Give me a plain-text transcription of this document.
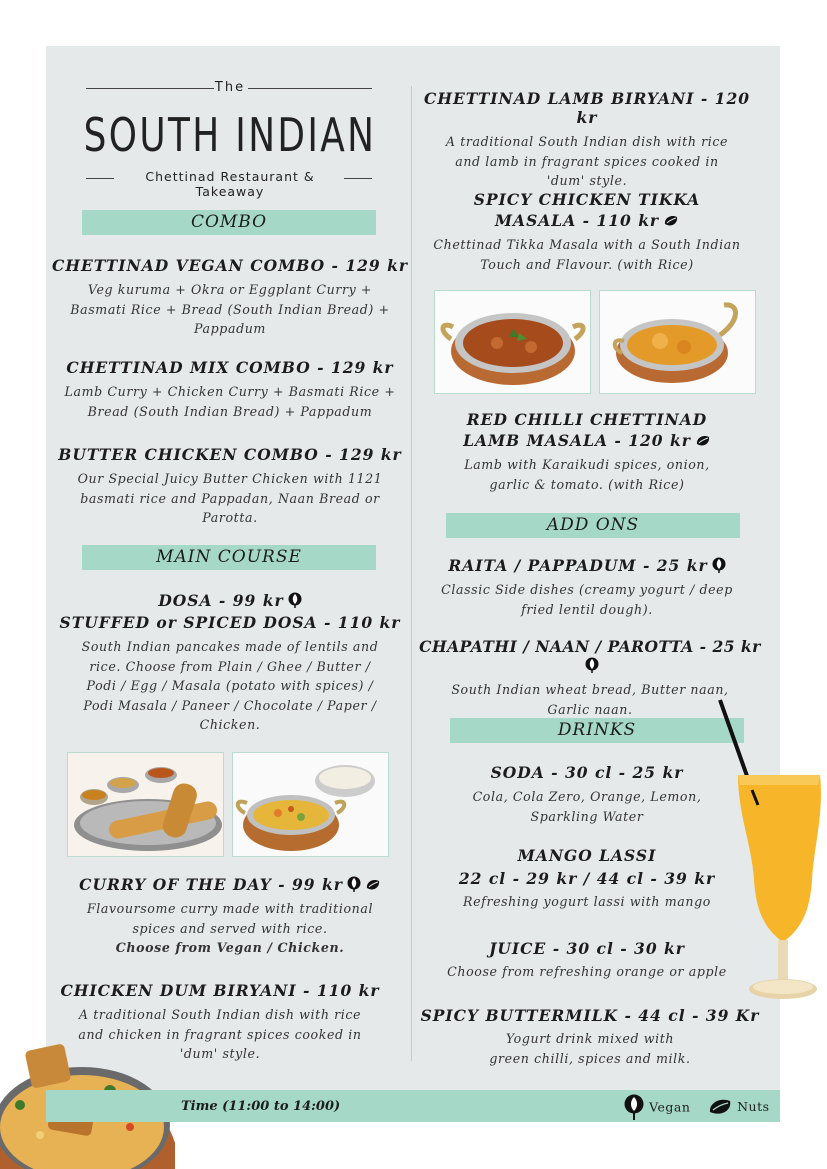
The
SOUTH INDIAN
Chettinad Restaurant & Takeaway
COMBO
CHETTINAD VEGAN COMBO - 129 kr
Veg kuruma + Okra or Eggplant Curry +
Basmati Rice + Bread (South Indian Bread) +
Pappadum
CHETTINAD MIX COMBO - 129 kr
Lamb Curry + Chicken Curry + Basmati Rice +
Bread (South Indian Bread) + Pappadum
BUTTER CHICKEN COMBO - 129 kr
Our Special Juicy Butter Chicken with 1121
basmati rice and Pappadan, Naan Bread or
Parotta.
MAIN COURSE
DOSA - 99 kr
STUFFED or SPICED DOSA - 110 kr
South Indian pancakes made of lentils and
rice. Choose from Plain / Ghee / Butter /
Podi / Egg / Masala (potato with spices) /
Podi Masala / Paneer / Chocolate / Paper /
Chicken.
CURRY OF THE DAY - 99 kr
Flavoursome curry made with traditional
spices and served with rice.
Choose from Vegan / Chicken.
CHICKEN DUM BIRYANI - 110 kr
A traditional South Indian dish with rice
and chicken in fragrant spices cooked in
'dum' style.
CHETTINAD LAMB BIRYANI - 120 kr
A traditional South Indian dish with rice
and lamb in fragrant spices cooked in
'dum' style.
SPICY CHICKEN TIKKA
MASALA - 110 kr
Chettinad Tikka Masala with a South Indian
Touch and Flavour. (with Rice)
RED CHILLI CHETTINAD
LAMB MASALA - 120 kr
Lamb with Karaikudi spices, onion,
garlic & tomato. (with Rice)
ADD ONS
RAITA / PAPPADUM - 25 kr
Classic Side dishes (creamy yogurt / deep
fried lentil dough).
CHAPATHI / NAAN / PAROTTA - 25 kr
South Indian wheat bread, Butter naan,
Garlic naan.
DRINKS
SODA - 30 cl - 25 kr
Cola, Cola Zero, Orange, Lemon,
Sparkling Water
MANGO LASSI
22 cl - 29 kr / 44 cl - 39 kr
Refreshing yogurt lassi with mango
JUICE - 30 cl - 30 kr
Choose from refreshing orange or apple
SPICY BUTTERMILK - 44 cl - 39 Kr
Yogurt drink mixed with
green chilli, spices and milk.
Time (11:00 to 14:00)	Vegan	Nuts
